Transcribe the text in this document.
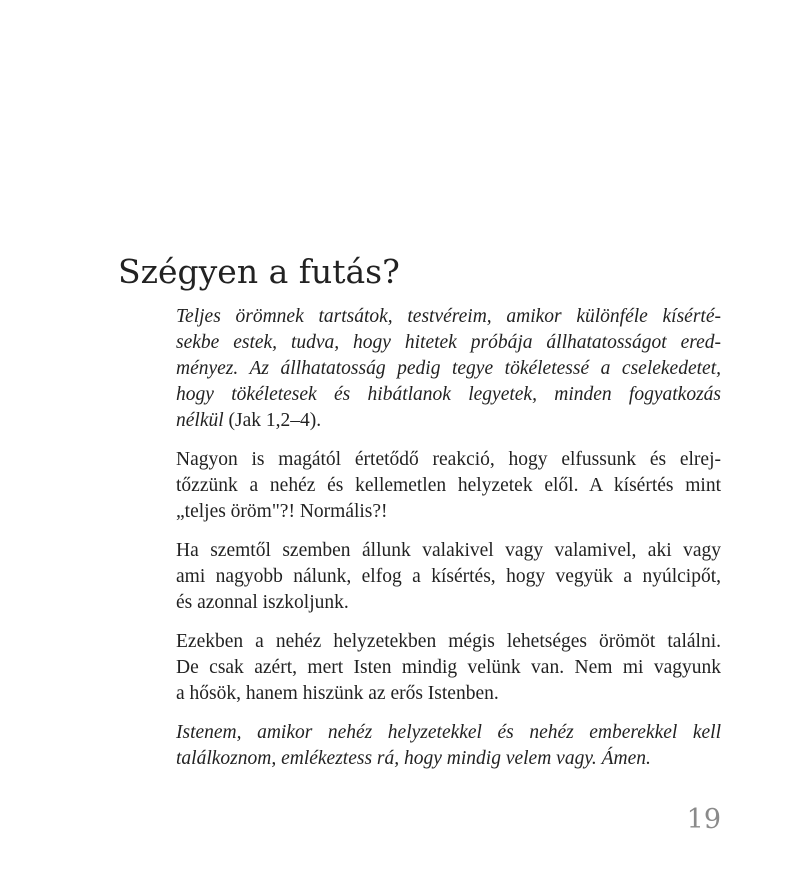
Szégyen a futás?

Teljes örömnek tartsátok, testvéreim, amikor különféle kísérté-
sekbe estek, tudva, hogy hitetek próbája állhatatosságot ered-
ményez. Az állhatatosság pedig tegye tökéletessé a cselekedetet,
hogy tökéletesek és hibátlanok legyetek, minden fogyatkozás
nélkül (Jak 1,2–4).

Nagyon is magától értetődő reakció, hogy elfussunk és elrej-
tőzzünk a nehéz és kellemetlen helyzetek elől. A kísértés mint
„teljes öröm"?! Normális?!

Ha szemtől szemben állunk valakivel vagy valamivel, aki vagy
ami nagyobb nálunk, elfog a kísértés, hogy vegyük a nyúlcipőt,
és azonnal iszkoljunk.

Ezekben a nehéz helyzetekben mégis lehetséges örömöt találni.
De csak azért, mert Isten mindig velünk van. Nem mi vagyunk
a hősök, hanem hiszünk az erős Istenben.

Istenem, amikor nehéz helyzetekkel és nehéz emberekkel kell
találkoznom, emlékeztess rá, hogy mindig velem vagy. Ámen.

19
